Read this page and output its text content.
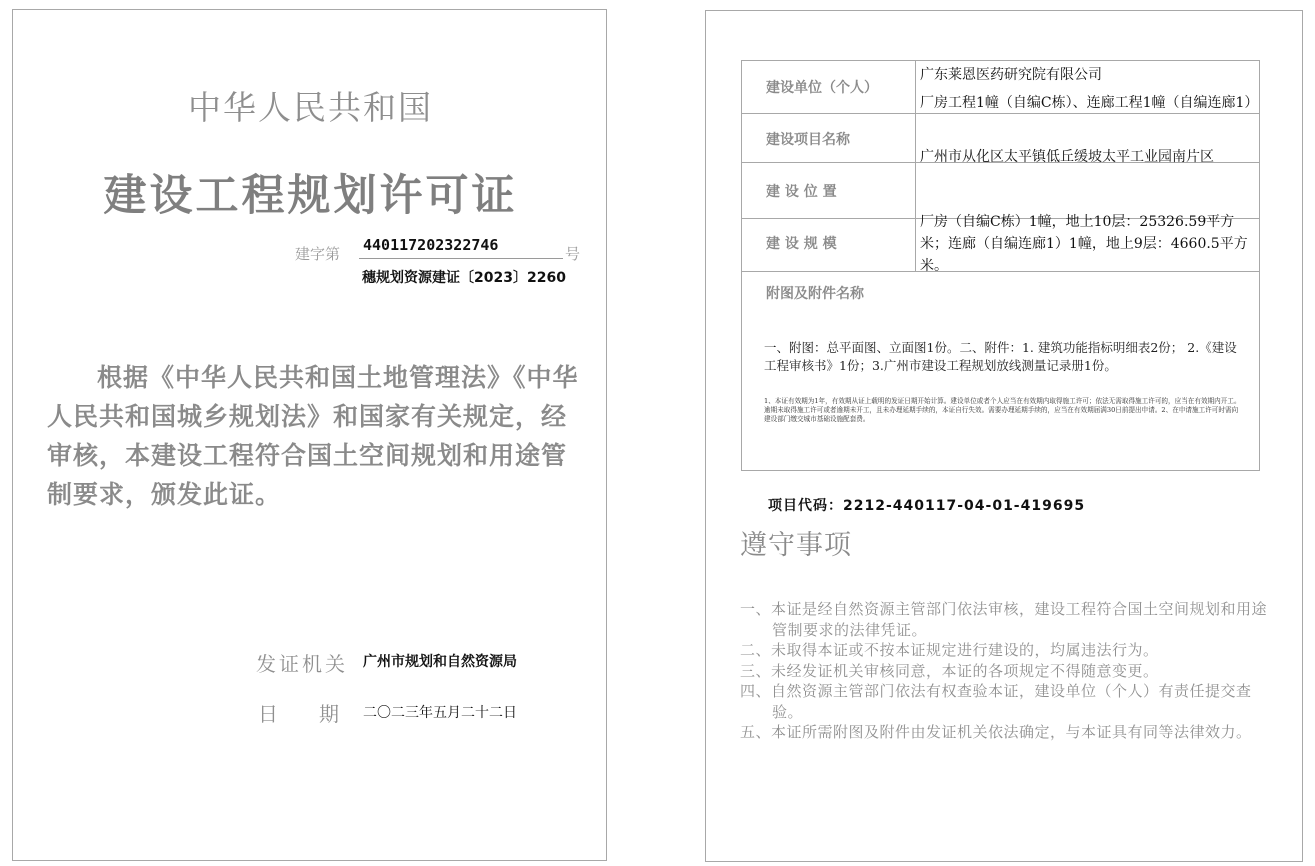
中华人民共和国
建设工程规划许可证
建字第 440117202322746	号
穗规划资源建证〔2023〕2260
根据《中华人民共和国土地管理法》《中华人民共和国城乡规划法》和国家有关规定，经审核，本建设工程符合国土空间规划和用途管制要求，颁发此证。
发证机关 广州市规划和自然资源局
日 期 二〇二三年五月二十二日
建设单位（个人）
广东莱恩医药研究院有限公司
建设项目名称
厂房工程1幢（自编C栋）、连廊工程1幢（自编连廊1）
建 设 位 置
广州市从化区太平镇低丘缓坡太平工业园南片区
建 设 规 模
厂房（自编C栋）1幢，地上10层：25326.59平方米；连廊（自编连廊1）1幢，地上9层：4660.5平方米。
附图及附件名称
一、附图：总平面图、立面图1份。二、附件：1. 建筑功能指标明细表2份； 2.《建设工程审核书》1份；3.广州市建设工程规划放线测量记录册1份。
1、本证有效期为1年，有效期从证上载明的发证日期开始计算。建设单位或者个人应当在有效期内取得施工许可；依法无需取得施工许可的，应当在有效期内开工。逾期未取得施工许可或者逾期未开工，且未办理延期手续的，本证自行失效。需要办理延期手续的，应当在有效期届满30日前提出申请。2、在申请施工许可时需向建设部门缴交城市基础设施配套费。
项目代码：2212-440117-04-01-419695
遵守事项
一、本证是经自然资源主管部门依法审核，建设工程符合国土空间规划和用途管制要求的法律凭证。
二、未取得本证或不按本证规定进行建设的，均属违法行为。
三、未经发证机关审核同意，本证的各项规定不得随意变更。
四、自然资源主管部门依法有权查验本证，建设单位（个人）有责任提交查验。
五、本证所需附图及附件由发证机关依法确定，与本证具有同等法律效力。
